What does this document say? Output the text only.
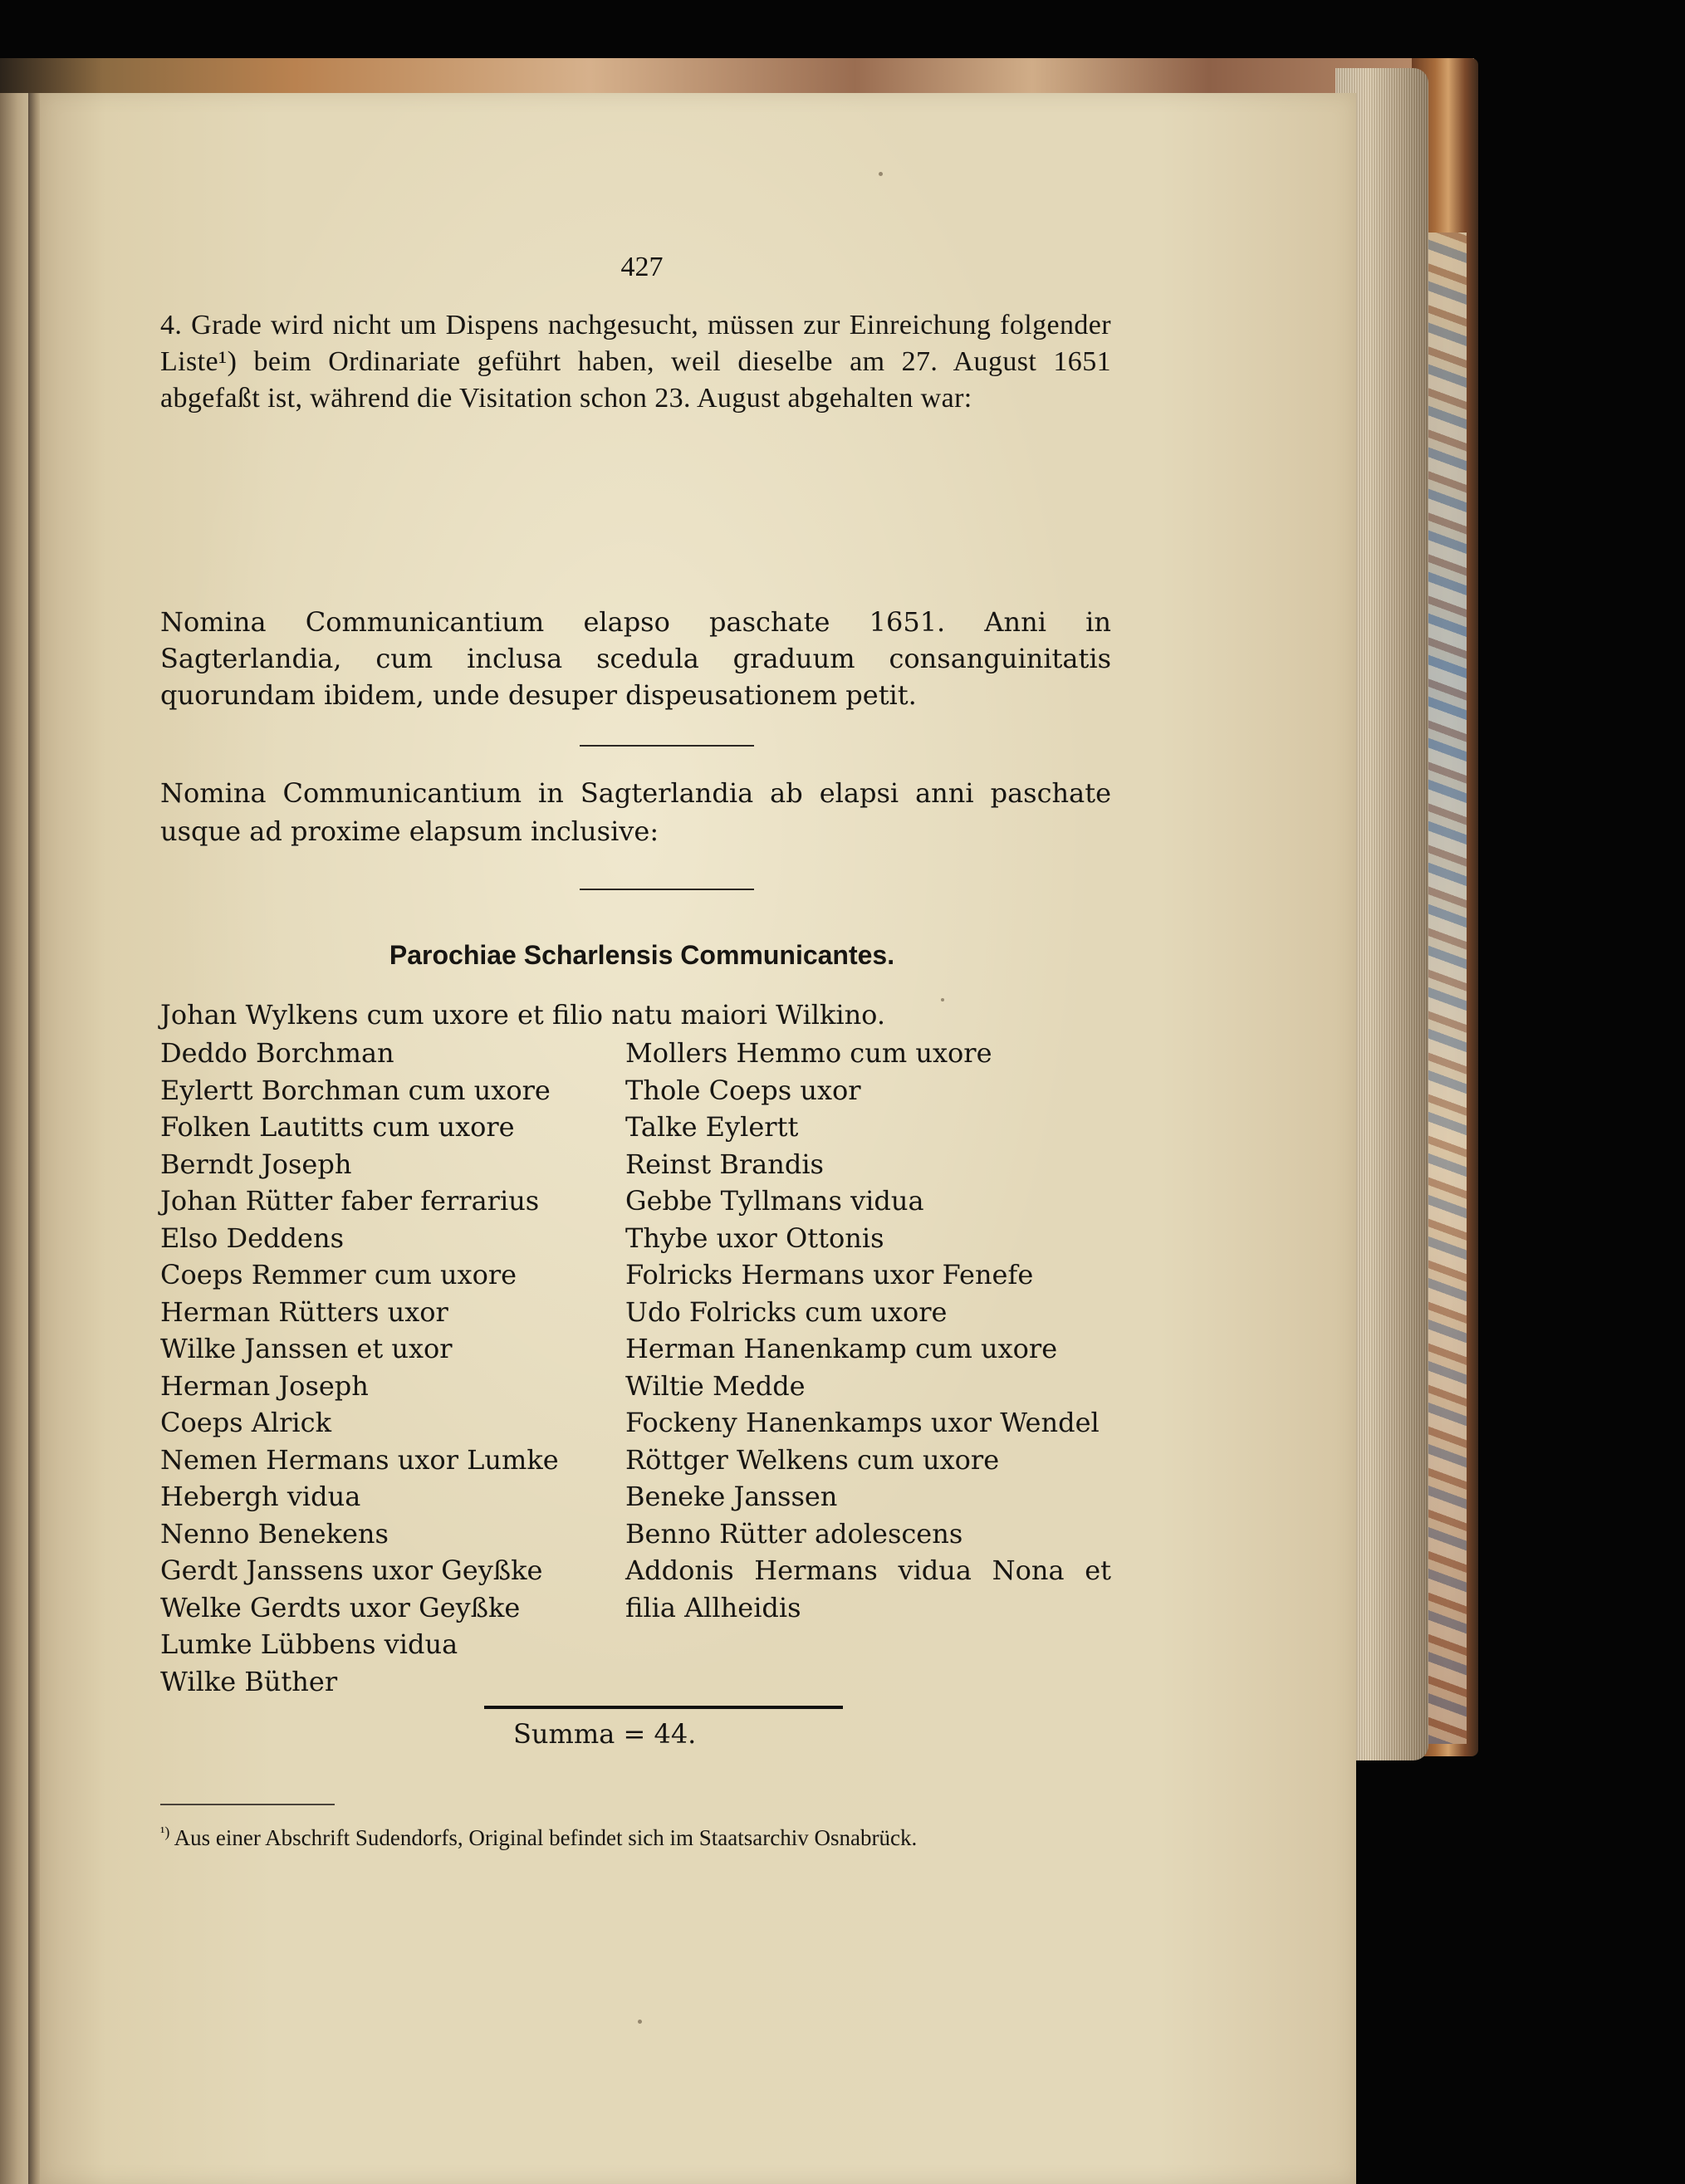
427
4. Grade wird nicht um Dispens nachgesucht, müssen zur Einreichung folgender Liste¹) beim Ordinariate geführt haben, weil dieselbe am 27. August 1651 abgefaßt ist, während die Visitation schon 23. August abgehalten war:
Nomina Communicantium elapso paschate 1651. Anni in Sagterlandia, cum inclusa scedula graduum consanguinitatis quorundam ibidem, unde desuper dispeusationem petit.
Nomina Communicantium in Sagterlandia ab elapsi anni paschate usque ad proxime elapsum inclusive:
Parochiae Scharlensis Communicantes.
Johan Wylkens cum uxore et filio natu maiori Wilkino.
Deddo Borchman
Eylertt Borchman cum uxore
Folken Lautitts cum uxore
Berndt Joseph
Johan Rütter faber ferrarius
Elso Deddens
Coeps Remmer cum uxore
Herman Rütters uxor
Wilke Janssen et uxor
Herman Joseph
Coeps Alrick
Nemen Hermans uxor Lumke
Hebergh vidua
Nenno Benekens
Gerdt Janssens uxor Geyßke
Welke Gerdts uxor Geyßke
Lumke Lübbens vidua
Wilke Büther
Mollers Hemmo cum uxore
Thole Coeps uxor
Talke Eylertt
Reinst Brandis
Gebbe Tyllmans vidua
Thybe uxor Ottonis
Folricks Hermans uxor Fenefe
Udo Folricks cum uxore
Herman Hanenkamp cum uxore
Wiltie Medde
Fockeny Hanenkamps uxor Wendel
Röttger Welkens cum uxore
Beneke Janssen
Benno Rütter adolescens
Addonis Hermans vidua Nona et filia Allheidis
Summa = 44.
$^{^1)}$ Aus einer Abschrift Sudendorfs, Original befindet sich im Staatsarchiv Osnabrück.
